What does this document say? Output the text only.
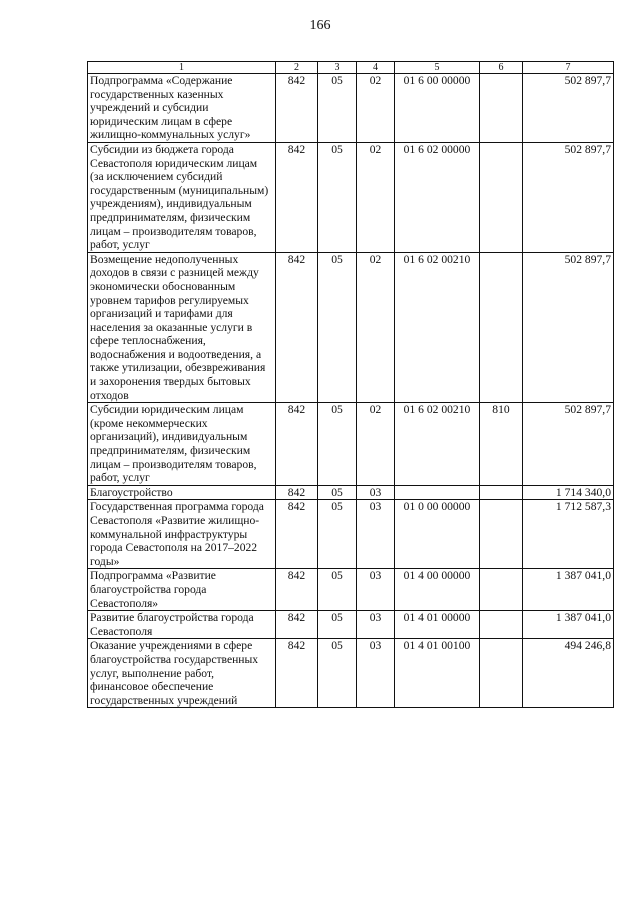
166
1	2	3	4	5	6	7
Подпрограмма «Содержание государственных казенных учреждений и субсидии юридическим лицам в сфере жилищно-коммунальных услуг»	842	05	02	01 6 00 00000		502 897,7
Субсидии из бюджета города Севастополя юридическим лицам (за исключением субсидий государственным (муниципальным) учреждениям), индивидуальным предпринимателям, физическим лицам – производителям товаров, работ, услуг	842	05	02	01 6 02 00000		502 897,7
Возмещение недополученных доходов в связи с разницей между экономически обоснованным уровнем тарифов регулируемых организаций и тарифами для населения за оказанные услуги в сфере теплоснабжения, водоснабжения и водоотведения, а также утилизации, обезвреживания и захоронения твердых бытовых отходов	842	05	02	01 6 02 00210		502 897,7
Субсидии юридическим лицам (кроме некоммерческих организаций), индивидуальным предпринимателям, физическим лицам – производителям товаров, работ, услуг	842	05	02	01 6 02 00210	810	502 897,7
Благоустройство	842	05	03			1 714 340,0
Государственная программа города Севастополя «Развитие жилищно-коммунальной инфраструктуры города Севастополя на 2017–2022 годы»	842	05	03	01 0 00 00000		1 712 587,3
Подпрограмма «Развитие благоустройства города Севастополя»	842	05	03	01 4 00 00000		1 387 041,0
Развитие благоустройства города Севастополя	842	05	03	01 4 01 00000		1 387 041,0
Оказание учреждениями в сфере благоустройства государственных услуг, выполнение работ, финансовое обеспечение государственных учреждений	842	05	03	01 4 01 00100		494 246,8
